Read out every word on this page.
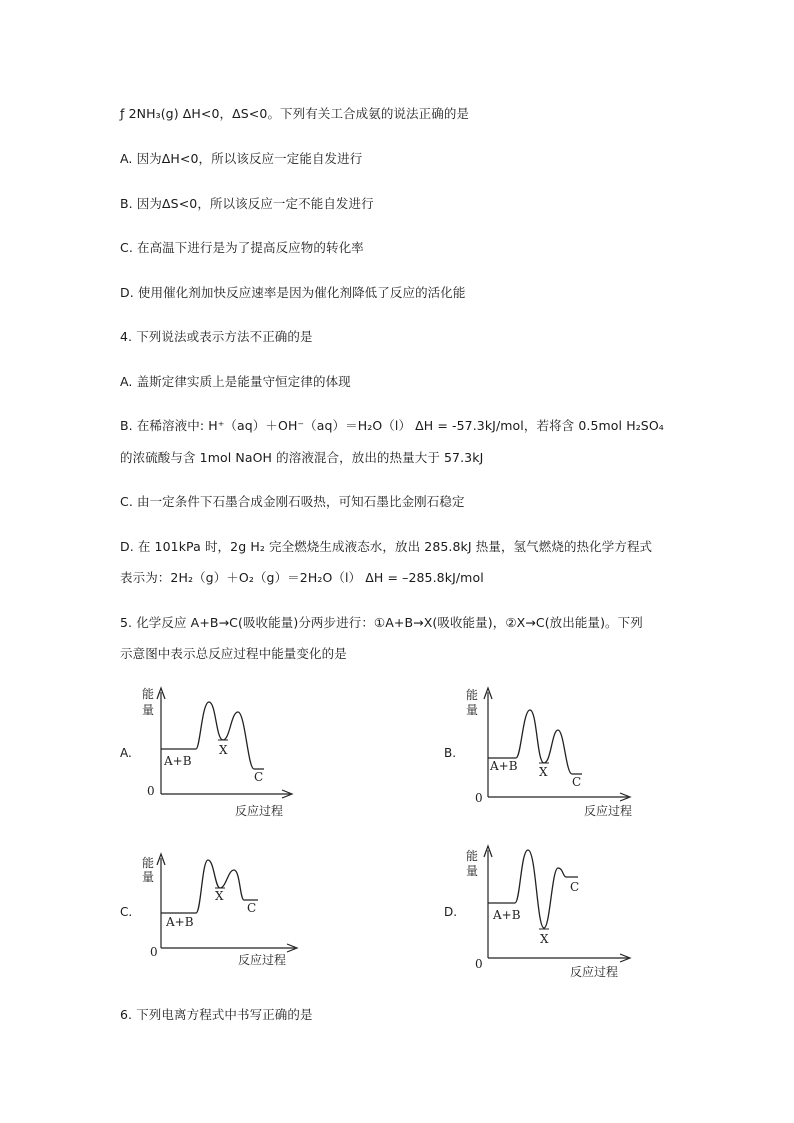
ƒ 2NH₃(g) ΔH<0，ΔS<0。下列有关工合成氨的说法正确的是
A. 因为ΔH<0，所以该反应一定能自发进行
B. 因为ΔS<0，所以该反应一定不能自发进行
C. 在高温下进行是为了提高反应物的转化率
D. 使用催化剂加快反应速率是因为催化剂降低了反应的活化能
4. 下列说法或表示方法不正确的是
A. 盖斯定律实质上是能量守恒定律的体现
B. 在稀溶液中: H⁺（aq）＋OH⁻（aq）＝H₂O（l） ΔH = -57.3kJ/mol，若将含 0.5mol H₂SO₄
的浓硫酸与含 1mol NaOH 的溶液混合，放出的热量大于 57.3kJ
C. 由一定条件下石墨合成金刚石吸热，可知石墨比金刚石稳定
D. 在 101kPa 时，2g H₂ 完全燃烧生成液态水，放出 285.8kJ 热量，氢气燃烧的热化学方程式
表示为：2H₂（g）＋O₂（g）＝2H₂O（l） ΔH = –285.8kJ/mol
5. 化学反应 A+B→C(吸收能量)分两步进行：①A+B→X(吸收能量)，②X→C(放出能量)。下列
示意图中表示总反应过程中能量变化的是
A.
能
量
0
A+B
X
C
反应过程
B.
能
量
0
A+B X
C
反应过程
C.
能
量
0
A+B
X
C
反应过程
D.
能
量
0
A+B
X
C
反应过程
6. 下列电离方程式中书写正确的是
